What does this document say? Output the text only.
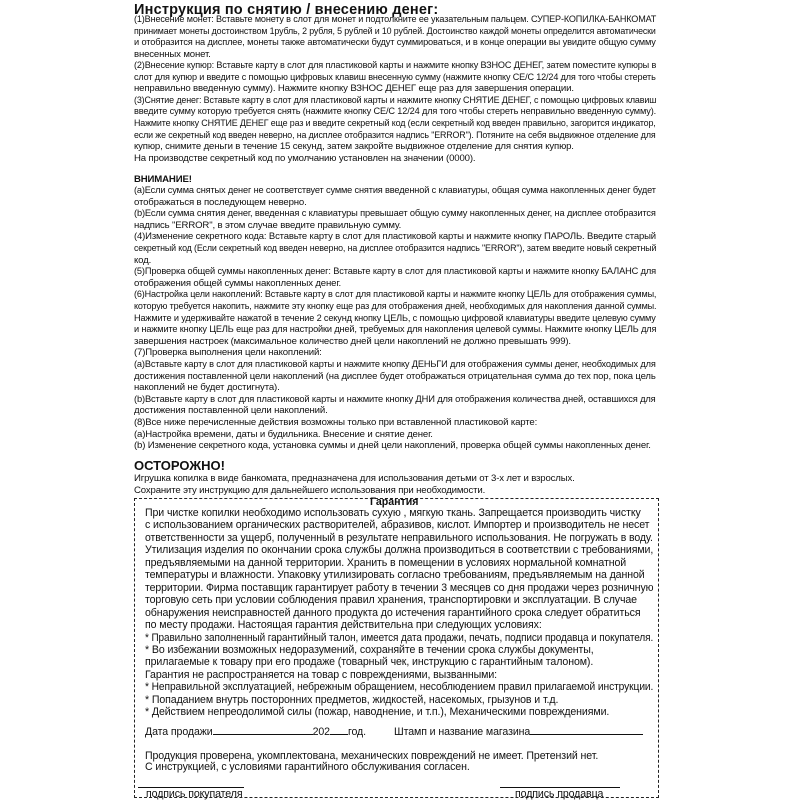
Инструкция по снятию / внесению денег:
(1)Внесение монет: Вставьте монету в слот для монет и подтолкните ее указательным пальцем. СУПЕР-КОПИЛКА-БАНКОМАТ
принимает монеты достоинством 1рубль, 2 рубля, 5 рублей и 10 рублей. Достоинство каждой монеты определится автоматически
и отобразится на дисплее, монеты также автоматически будут суммироваться, и в конце операции вы увидите общую сумму
внесенных монет.
(2)Внесение купюр: Вставьте карту в слот для пластиковой карты и нажмите кнопку ВЗНОС ДЕНЕГ, затем поместите купюры в
слот для купюр и введите с помощью цифровых клавиш внесенную сумму (нажмите кнопку CE/C 12/24 для того чтобы стереть
неправильно введенную сумму). Нажмите кнопку ВЗНОС ДЕНЕГ еще раз для завершения операции.
(3)Снятие денег: Вставьте карту в слот для пластиковой карты и нажмите кнопку СНЯТИЕ ДЕНЕГ, с помощью цифровых клавиш
введите сумму которую требуется снять (нажмите кнопку CE/C 12/24 для того чтобы стереть неправильно введенную сумму).
Нажмите кнопку СНЯТИЕ ДЕНЕГ еще раз и введите секретный код (если секретный код введен правильно, загорится индикатор,
если же секретный код введен неверно, на дисплее отобразится надпись "ERROR"). Потяните на себя выдвижное отделение для
купюр, снимите деньги в течение 15 секунд, затем закройте выдвижное отделение для снятия купюр.
На производстве секретный код по умолчанию установлен на значении (0000).
ВНИМАНИЕ!
(a)Если сумма снятых денег не соответствует сумме снятия введенной с клавиатуры, общая сумма накопленных денег будет
отображаться в последующем неверно.
(b)Если сумма снятия денег, введенная с клавиатуры превышает общую сумму накопленных денег, на дисплее отобразится
надпись "ERROR", в этом случае введите правильную сумму.
(4)Изменение секретного кода: Вставьте карту в слот для пластиковой карты и нажмите кнопку ПАРОЛЬ. Введите старый
секретный код (Если секретный код введен неверно, на дисплее отобразится надпись "ERROR"), затем введите новый секретный
код.
(5)Проверка общей суммы накопленных денег: Вставьте карту в слот для пластиковой карты и нажмите кнопку БАЛАНС для
отображения общей суммы накопленных денег.
(6)Настройка цели накоплений: Вставьте карту в слот для пластиковой карты и нажмите кнопку ЦЕЛЬ для отображения суммы,
которую требуется накопить, нажмите эту кнопку еще раз для отображения дней, необходимых для накопления данной суммы.
Нажмите и удерживайте нажатой в течение 2 секунд кнопку ЦЕЛЬ, с помощью цифровой клавиатуры введите целевую сумму
и нажмите кнопку ЦЕЛЬ еще раз для настройки дней, требуемых для накопления целевой суммы. Нажмите кнопку ЦЕЛЬ для
завершения настроек (максимальное количество дней цели накоплений не должно превышать 999).
(7)Проверка выполнения цели накоплений:
(a)Вставьте карту в слот для пластиковой карты и нажмите кнопку ДЕНЬГИ для отображения суммы денег, необходимых для
достижения поставленной цели накоплений (на дисплее будет отображаться отрицательная сумма до тех пор, пока цель
накоплений не будет достигнута).
(b)Вставьте карту в слот для пластиковой карты и нажмите кнопку ДНИ для отображения количества дней, оставшихся для
достижения поставленной цели накоплений.
(8)Все ниже перечисленные действия возможны только при вставленной пластиковой карте:
(a)Настройка времени, даты и будильника. Внесение и снятие денег.
(b) Изменение секретного кода, установка суммы и дней цели накоплений, проверка общей суммы накопленных денег.
ОСТОРОЖНО!
Игрушка копилка в виде банкомата, предназначена для использования детьми от 3-х лет и взрослых.
Сохраните эту инструкцию для дальнейшего использования при необходимости.
Гарантия
При чистке копилки необходимо использовать сухую , мягкую ткань. Запрещается производить чистку
с использованием органических растворителей, абразивов, кислот. Импортер и производитель не несет
ответственности за ущерб, полученный в результате неправильного использования. Не погружать в воду.
Утилизация изделия по окончании срока службы должна производиться в соответствии с требованиями,
предъявляемыми на данной территории. Хранить в помещении в условиях нормальной комнатной
температуры и влажности. Упаковку утилизировать согласно требованиям, предъявляемым на данной
территории. Фирма поставщик гарантирует работу в течении 3 месяцев со дня продажи через розничную
торговую сеть при условии соблюдения правил хранения, транспортировки и эксплуатации. В случае
обнаружения неисправностей данного продукта до истечения гарантийного срока следует обратиться
по месту продажи. Настоящая гарантия действительна при следующих условиях:
* Правильно заполненный гарантийный талон, имеется дата продажи, печать, подписи продавца и покупателя.
* Во избежании возможных недоразумений, сохраняйте в течении срока службы документы,
прилагаемые к товару при его продаже (товарный чек, инструкцию с гарантийным талоном).
Гарантия не распространяется на товар с повреждениями, вызванными:
* Неправильной эксплуатацией, небрежным обращением, несоблюдением правил прилагаемой инструкции.
* Попаданием внутрь посторонних предметов, жидкостей, насекомых, грызунов и т.д.
* Действием непреодолимой силы (пожар, наводнение, и т.п.), Механическими повреждениями.
Дата продажи	202 год.	Штамп и название магазина
Продукция проверена, укомплектована, механических повреждений не имеет. Претензий нет.
С инструкцией, с условиями гарантийного обслуживания согласен.
подпись покупателя	подпись продавца
